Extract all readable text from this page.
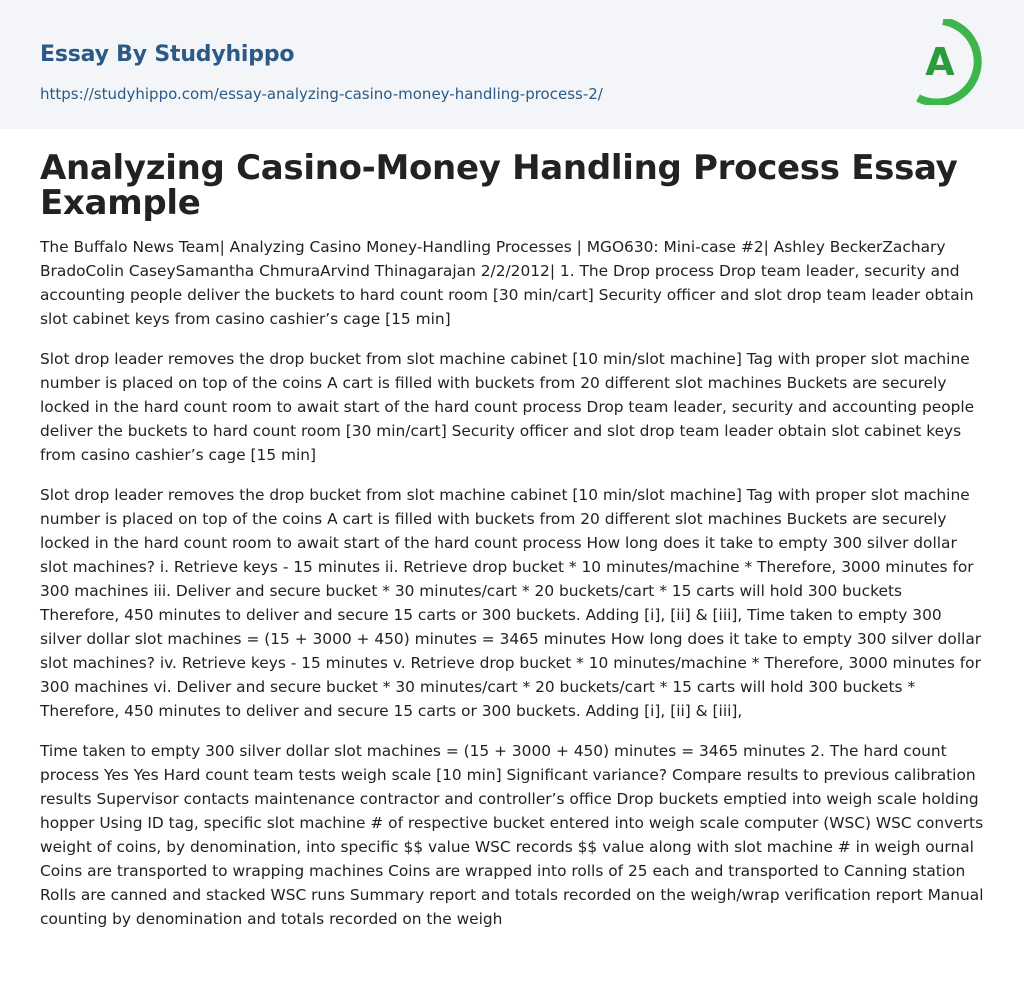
Essay By Studyhippo
https://studyhippo.com/essay-analyzing-casino-money-handling-process-2/
A
Analyzing Casino-Money Handling Process Essay Example

The Buffalo News Team| Analyzing Casino Money-Handling Processes | MGO630: Mini-case #2| Ashley BeckerZachary BradoColin CaseySamantha ChmuraArvind Thinagarajan 2/2/2012| 1. The Drop process Drop team leader, security and accounting people deliver the buckets to hard count room [30 min/cart] Security officer and slot drop team leader obtain slot cabinet keys from casino cashier’s cage [15 min]

Slot drop leader removes the drop bucket from slot machine cabinet [10 min/slot machine] Tag with proper slot machine number is placed on top of the coins A cart is filled with buckets from 20 different slot machines Buckets are securely locked in the hard count room to await start of the hard count process Drop team leader, security and accounting people deliver the buckets to hard count room [30 min/cart] Security officer and slot drop team leader obtain slot cabinet keys from casino cashier’s cage [15 min]

Slot drop leader removes the drop bucket from slot machine cabinet [10 min/slot machine] Tag with proper slot machine number is placed on top of the coins A cart is filled with buckets from 20 different slot machines Buckets are securely locked in the hard count room to await start of the hard count process How long does it take to empty 300 silver dollar slot machines? i. Retrieve keys - 15 minutes ii. Retrieve drop bucket * 10 minutes/machine * Therefore, 3000 minutes for 300 machines iii. Deliver and secure bucket * 30 minutes/cart * 20 buckets/cart * 15 carts will hold 300 buckets Therefore, 450 minutes to deliver and secure 15 carts or 300 buckets. Adding [i], [ii] & [iii], Time taken to empty 300 silver dollar slot machines = (15 + 3000 + 450) minutes = 3465 minutes How long does it take to empty 300 silver dollar slot machines? iv. Retrieve keys - 15 minutes v. Retrieve drop bucket * 10 minutes/machine * Therefore, 3000 minutes for 300 machines vi. Deliver and secure bucket * 30 minutes/cart * 20 buckets/cart * 15 carts will hold 300 buckets * Therefore, 450 minutes to deliver and secure 15 carts or 300 buckets. Adding [i], [ii] & [iii],

Time taken to empty 300 silver dollar slot machines = (15 + 3000 + 450) minutes = 3465 minutes 2. The hard count process Yes Yes Hard count team tests weigh scale [10 min] Significant variance? Compare results to previous calibration results Supervisor contacts maintenance contractor and controller’s office Drop buckets emptied into weigh scale holding hopper Using ID tag, specific slot machine # of respective bucket entered into weigh scale computer (WSC) WSC converts weight of coins, by denomination, into specific $$ value WSC records $$ value along with slot machine # in weigh ournal Coins are transported to wrapping machines Coins are wrapped into rolls of 25 each and transported to Canning station Rolls are canned and stacked WSC runs Summary report and totals recorded on the weigh/wrap verification report Manual counting by denomination and totals recorded on the weigh
